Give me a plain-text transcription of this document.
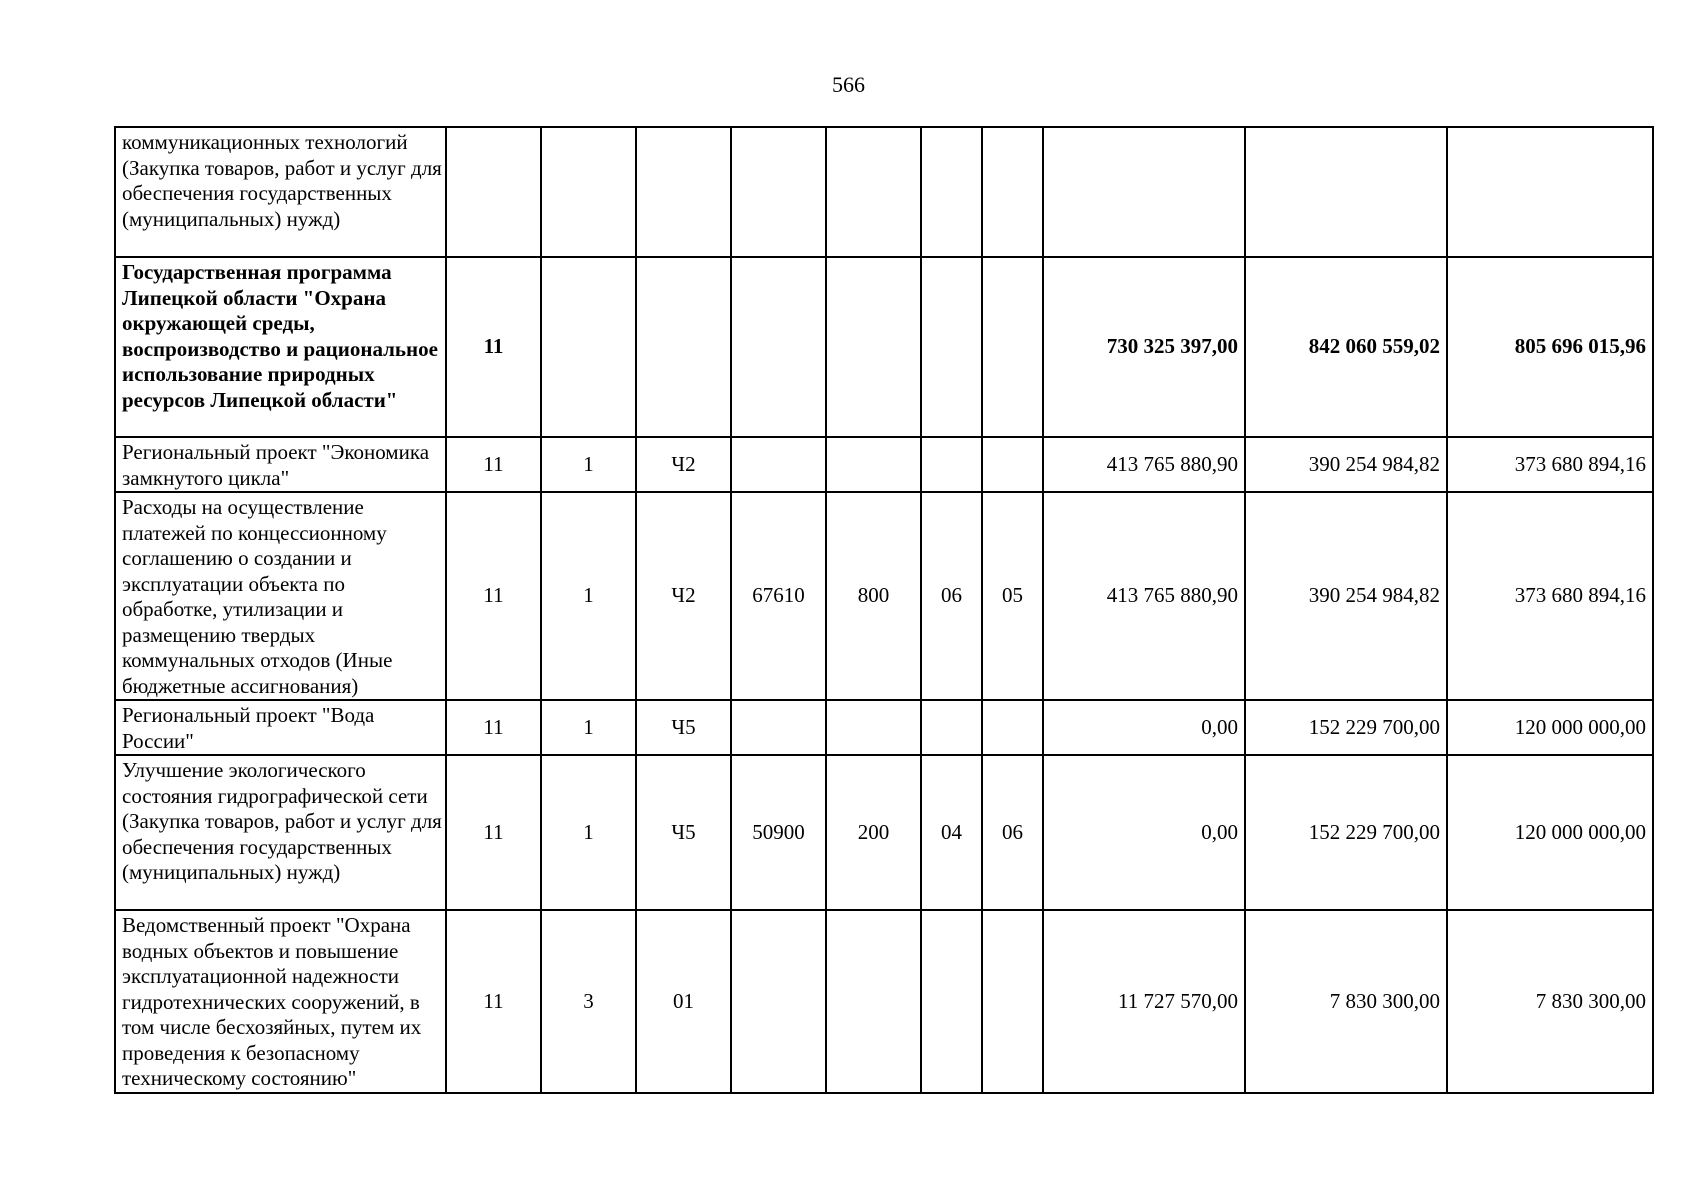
566
коммуникационных технологий (Закупка товаров, работ и услуг для обеспечения государственных (муниципальных) нужд)										
Государственная программа Липецкой области "Охрана окружающей среды, воспроизводство и рациональное использование природных ресурсов Липецкой области"	11							730 325 397,00	842 060 559,02	805 696 015,96
Региональный проект "Экономика замкнутого цикла"	11	1	Ч2					413 765 880,90	390 254 984,82	373 680 894,16
Расходы на осуществление платежей по концессионному соглашению о создании и эксплуатации объекта по обработке, утилизации и размещению твердых коммунальных отходов (Иные бюджетные ассигнования)	11	1	Ч2	67610	800	06	05	413 765 880,90	390 254 984,82	373 680 894,16
Региональный проект "Вода России"	11	1	Ч5					0,00	152 229 700,00	120 000 000,00
Улучшение экологического состояния гидрографической сети (Закупка товаров, работ и услуг для обеспечения государственных (муниципальных) нужд)	11	1	Ч5	50900	200	04	06	0,00	152 229 700,00	120 000 000,00
Ведомственный проект "Охрана водных объектов и повышение эксплуатационной надежности гидротехнических сооружений, в том числе бесхозяйных, путем их проведения к безопасному техническому состоянию"	11	3	01					11 727 570,00	7 830 300,00	7 830 300,00
